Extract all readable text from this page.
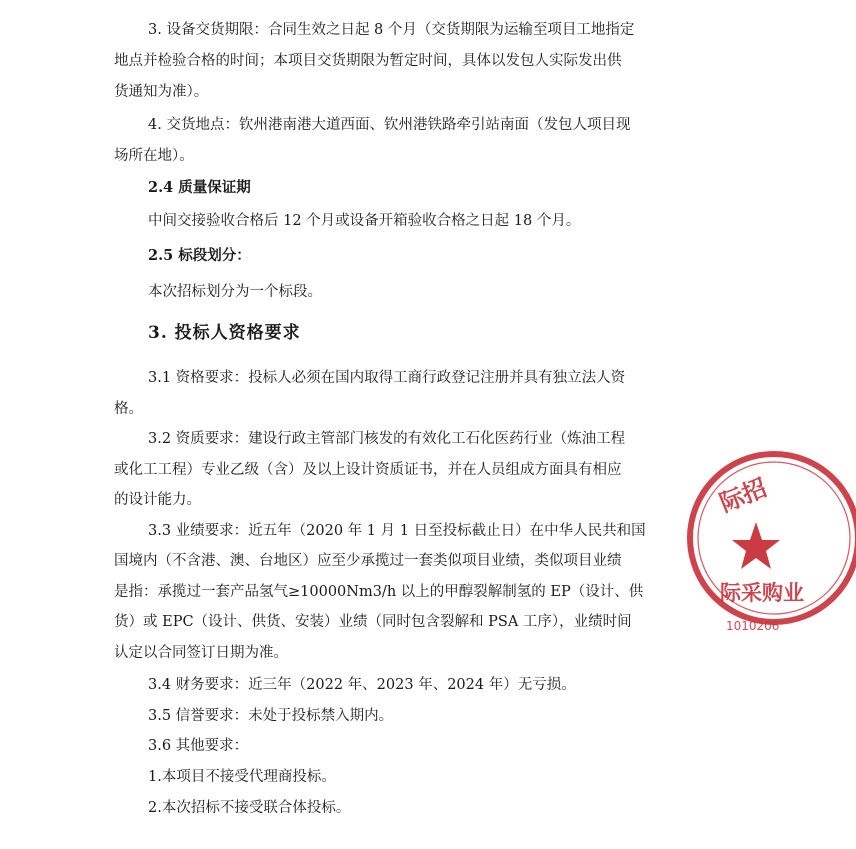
3. 设备交货期限：合同生效之日起 8 个月（交货期限为运输至项目工地指定
地点并检验合格的时间；本项目交货期限为暂定时间，具体以发包人实际发出供
货通知为准）。
4. 交货地点：钦州港南港大道西面、钦州港铁路牵引站南面（发包人项目现
场所在地）。
2.4 质量保证期
中间交接验收合格后 12 个月或设备开箱验收合格之日起 18 个月。
2.5 标段划分：
本次招标划分为一个标段。
3. 投标人资格要求
3.1 资格要求：投标人必须在国内取得工商行政登记注册并具有独立法人资
格。
3.2 资质要求：建设行政主管部门核发的有效化工石化医药行业（炼油工程
或化工工程）专业乙级（含）及以上设计资质证书，并在人员组成方面具有相应
的设计能力。
3.3 业绩要求：近五年（2020 年 1 月 1 日至投标截止日）在中华人民共和国
国境内（不含港、澳、台地区）应至少承揽过一套类似项目业绩，类似项目业绩
是指：承揽过一套产品氢气≥10000Nm3/h 以上的甲醇裂解制氢的 EP（设计、供
货）或 EPC（设计、供货、安装）业绩（同时包含裂解和 PSA 工序），业绩时间
认定以合同签订日期为准。
3.4 财务要求：近三年（2022 年、2023 年、2024 年）无亏损。
3.5 信誉要求：未处于投标禁入期内。
3.6 其他要求：
1.本项目不接受代理商投标。
2.本次招标不接受联合体投标。
际招
际采购业
1010206
